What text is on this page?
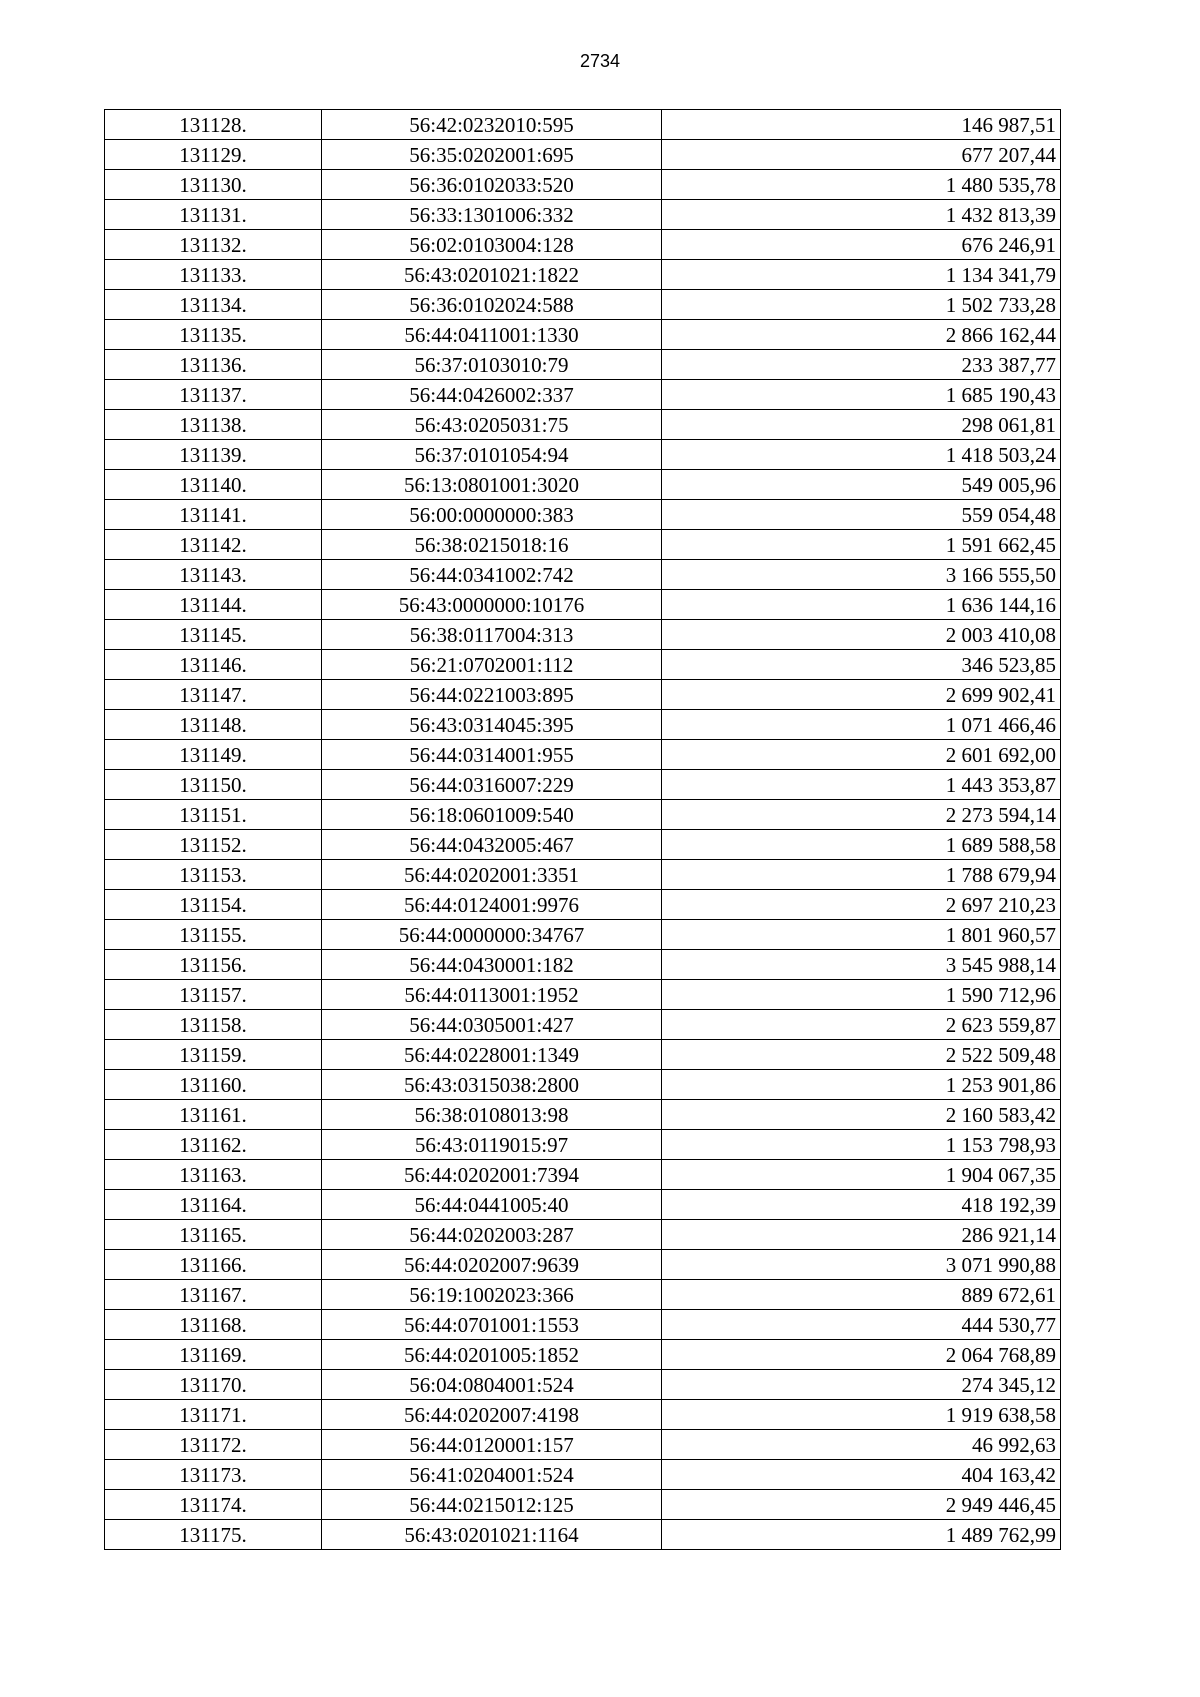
2734
131128.	56:42:0232010:595	146 987,51
131129.	56:35:0202001:695	677 207,44
131130.	56:36:0102033:520	1 480 535,78
131131.	56:33:1301006:332	1 432 813,39
131132.	56:02:0103004:128	676 246,91
131133.	56:43:0201021:1822	1 134 341,79
131134.	56:36:0102024:588	1 502 733,28
131135.	56:44:0411001:1330	2 866 162,44
131136.	56:37:0103010:79	233 387,77
131137.	56:44:0426002:337	1 685 190,43
131138.	56:43:0205031:75	298 061,81
131139.	56:37:0101054:94	1 418 503,24
131140.	56:13:0801001:3020	549 005,96
131141.	56:00:0000000:383	559 054,48
131142.	56:38:0215018:16	1 591 662,45
131143.	56:44:0341002:742	3 166 555,50
131144.	56:43:0000000:10176	1 636 144,16
131145.	56:38:0117004:313	2 003 410,08
131146.	56:21:0702001:112	346 523,85
131147.	56:44:0221003:895	2 699 902,41
131148.	56:43:0314045:395	1 071 466,46
131149.	56:44:0314001:955	2 601 692,00
131150.	56:44:0316007:229	1 443 353,87
131151.	56:18:0601009:540	2 273 594,14
131152.	56:44:0432005:467	1 689 588,58
131153.	56:44:0202001:3351	1 788 679,94
131154.	56:44:0124001:9976	2 697 210,23
131155.	56:44:0000000:34767	1 801 960,57
131156.	56:44:0430001:182	3 545 988,14
131157.	56:44:0113001:1952	1 590 712,96
131158.	56:44:0305001:427	2 623 559,87
131159.	56:44:0228001:1349	2 522 509,48
131160.	56:43:0315038:2800	1 253 901,86
131161.	56:38:0108013:98	2 160 583,42
131162.	56:43:0119015:97	1 153 798,93
131163.	56:44:0202001:7394	1 904 067,35
131164.	56:44:0441005:40	418 192,39
131165.	56:44:0202003:287	286 921,14
131166.	56:44:0202007:9639	3 071 990,88
131167.	56:19:1002023:366	889 672,61
131168.	56:44:0701001:1553	444 530,77
131169.	56:44:0201005:1852	2 064 768,89
131170.	56:04:0804001:524	274 345,12
131171.	56:44:0202007:4198	1 919 638,58
131172.	56:44:0120001:157	46 992,63
131173.	56:41:0204001:524	404 163,42
131174.	56:44:0215012:125	2 949 446,45
131175.	56:43:0201021:1164	1 489 762,99
